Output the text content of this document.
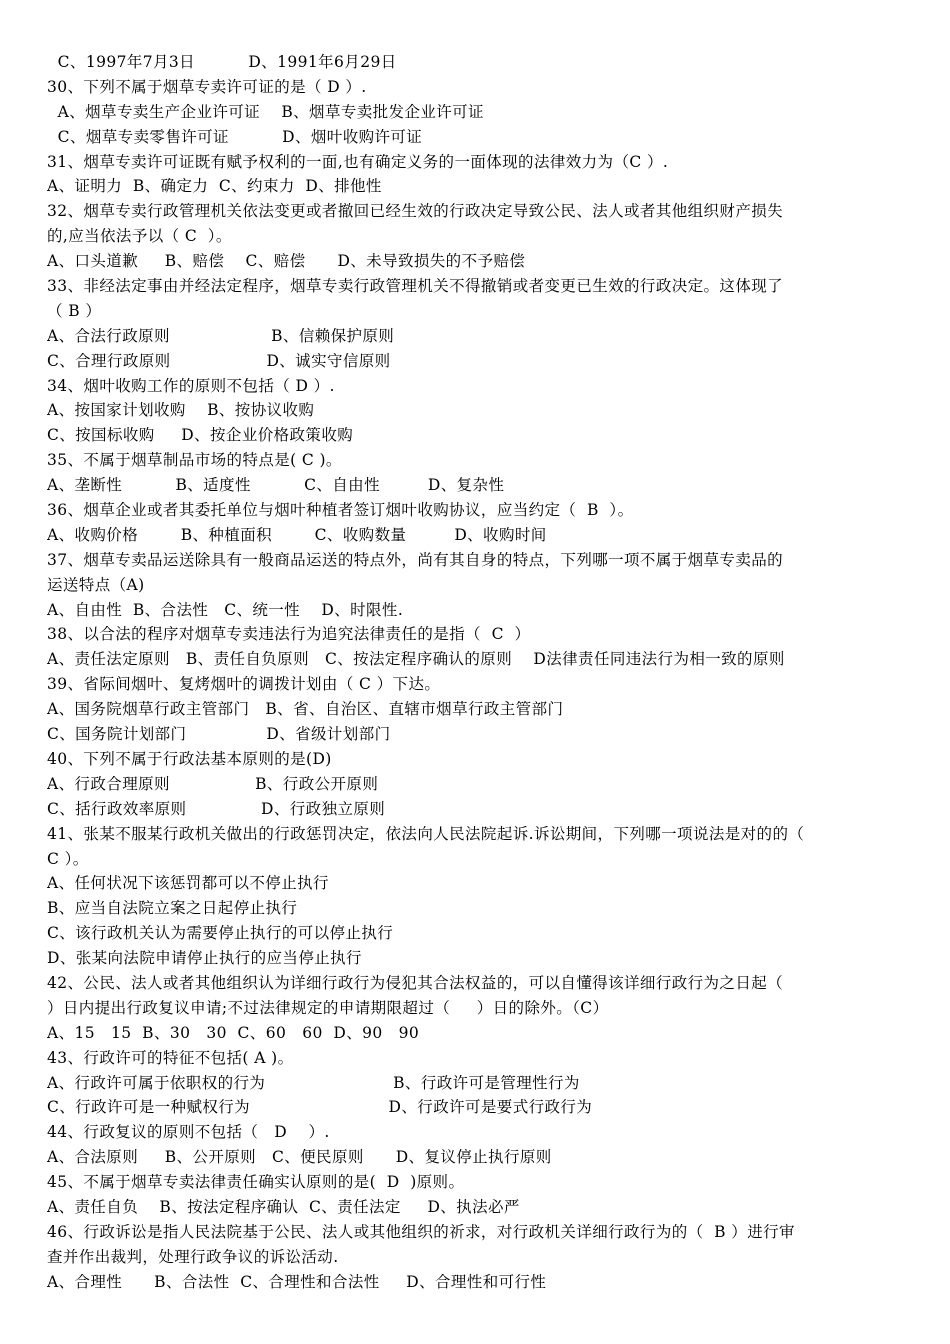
C、1997年7月3日          D、1991年6月29日
30、下列不属于烟草专卖许可证的是（ D ）.
A、烟草专卖生产企业许可证    B、烟草专卖批发企业许可证
C、烟草专卖零售许可证          D、烟叶收购许可证
31、烟草专卖许可证既有赋予权利的一面,也有确定义务的一面体现的法律效力为（C ）.
A、证明力  B、确定力  C、约束力  D、排他性
32、烟草专卖行政管理机关依法变更或者撤回已经生效的行政决定导致公民、法人或者其他组织财产损失
的,应当依法予以（ C  ）。
A、口头道歉     B、赔偿    C、赔偿      D、未导致损失的不予赔偿
33、非经法定事由并经法定程序，烟草专卖行政管理机关不得撤销或者变更已生效的行政决定。这体现了
（ B ）
A、合法行政原则                   B、信赖保护原则
C、合理行政原则                  D、诚实守信原则
34、烟叶收购工作的原则不包括（ D ）.
A、按国家计划收购    B、按协议收购
C、按国标收购     D、按企业价格政策收购
35、不属于烟草制品市场的特点是( C )。
A、垄断性          B、适度性          C、自由性         D、复杂性
36、烟草企业或者其委托单位与烟叶种植者签订烟叶收购协议，应当约定（  B  ）。
A、收购价格        B、种植面积        C、收购数量         D、收购时间
37、烟草专卖品运送除具有一般商品运送的特点外，尚有其自身的特点，下列哪一项不属于烟草专卖品的
运送特点（A)
A、自由性  B、合法性   C、统一性    D、时限性.
38、以合法的程序对烟草专卖违法行为追究法律责任的是指（  C  ）
A、责任法定原则   B、责任自负原则   C、按法定程序确认的原则    D法律责任同违法行为相一致的原则
39、省际间烟叶、复烤烟叶的调拨计划由（ C ）下达。
A、国务院烟草行政主管部门   B、省、自治区、直辖市烟草行政主管部门
C、国务院计划部门               D、省级计划部门
40、下列不属于行政法基本原则的是(D)
A、行政合理原则                B、行政公开原则
C、括行政效率原则              D、行政独立原则
41、张某不服某行政机关做出的行政惩罚决定，依法向人民法院起诉.诉讼期间，下列哪一项说法是对的的（
C ）。
A、任何状况下该惩罚都可以不停止执行
B、应当自法院立案之日起停止执行
C、该行政机关认为需要停止执行的可以停止执行
D、张某向法院申请停止执行的应当停止执行
42、公民、法人或者其他组织认为详细行政行为侵犯其合法权益的，可以自懂得该详细行政行为之日起（
）日内提出行政复议申请;不过法律规定的申请期限超过（     ）日的除外。（C）
A、15   15  B、30   30  C、60   60  D、90   90
43、行政许可的特征不包括( A )。
A、行政许可属于依职权的行为                        B、行政许可是管理性行为
C、行政许可是一种赋权行为                          D、行政许可是要式行政行为
44、行政复议的原则不包括（   D    ）.
A、合法原则     B、公开原则   C、便民原则      D、复议停止执行原则
45、不属于烟草专卖法律责任确实认原则的是(  D  )原则。
A、责任自负    B、按法定程序确认  C、责任法定     D、执法必严
46、行政诉讼是指人民法院基于公民、法人或其他组织的祈求，对行政机关详细行政行为的（  B ）进行审
查并作出裁判，处理行政争议的诉讼活动.
A、合理性      B、合法性  C、合理性和合法性     D、合理性和可行性
